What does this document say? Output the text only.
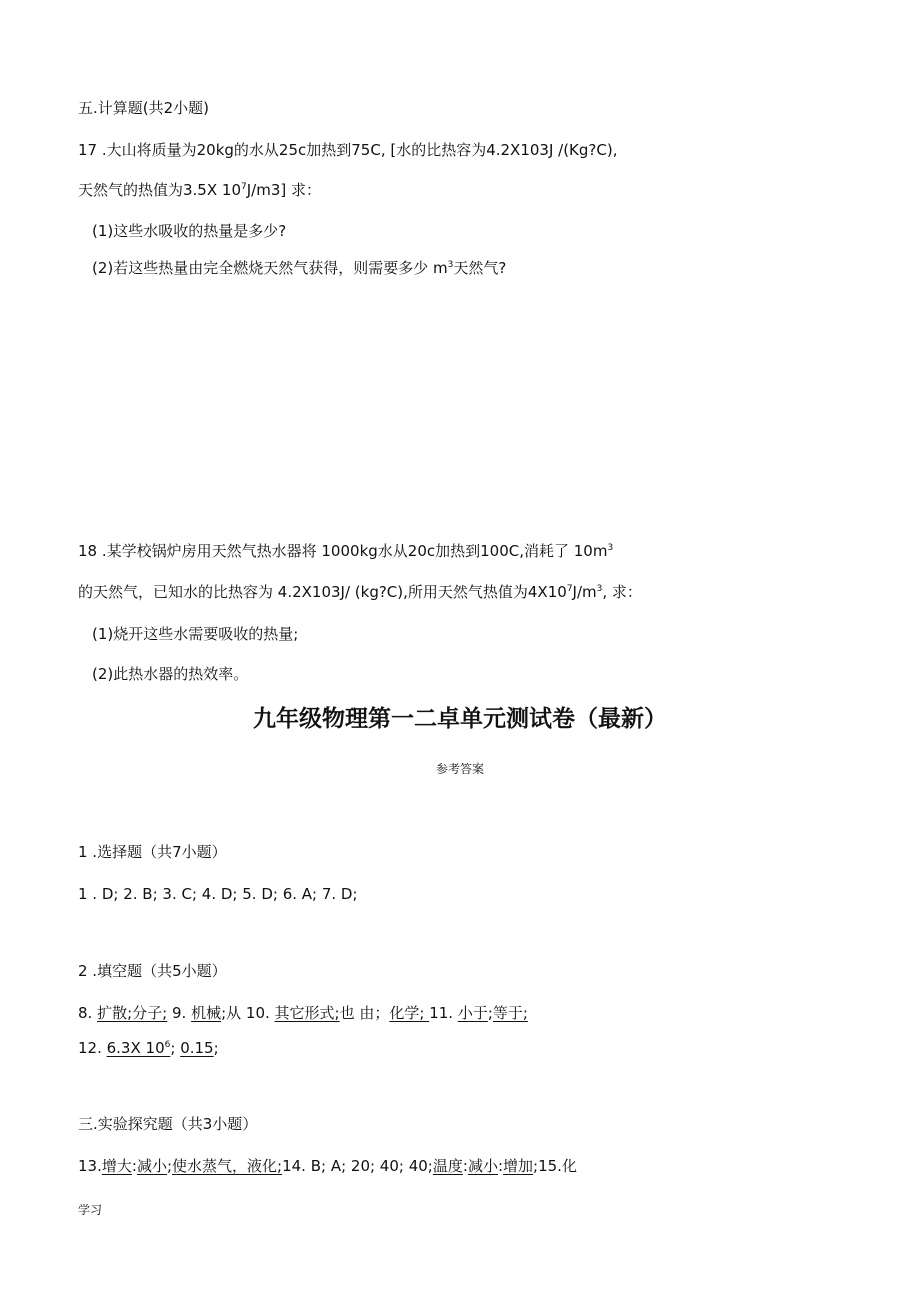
五.计算题(共2小题)
17 .大山将质量为20kg的水从25c加热到75C, [水的比热容为4.2X103J /(Kg?C),
天然气的热值为3.5X $10^7J/m3$] 求：
(1)这些水吸收的热量是多少?
(2)若这些热量由完全燃烧天然气获得，则需要多少 $m^3$天然气?
18 .某学校锅炉房用天然气热水器将 1000kg水从20c加热到100C,消耗了 $10m^3$
的天然气，已知水的比热容为 4.2X103J/ (kg?C),所用天然气热值为$4X10^7J/m^3$, 求：
(1)烧开这些水需要吸收的热量;
(2)此热水器的热效率。
九年级物理第一二卓单元测试卷（最新）
参考答案
1 .选择题（共7小题）
1 . D; 2. B; 3. C; 4. D; 5. D; 6. A; 7. D;
2 .填空题（共5小题）
8. 扩散;分子; 9. 机械;从 10. 其它形式;也 由；化学; 11. 小于;等于;
12. 6.3X $10^6$; 0.15;
三.实验探究题（共3小题）
13.增大:减小;使水蒸气，液化;14. B; A; 20; 40; 40;温度:减小:增加;15.化
学习
